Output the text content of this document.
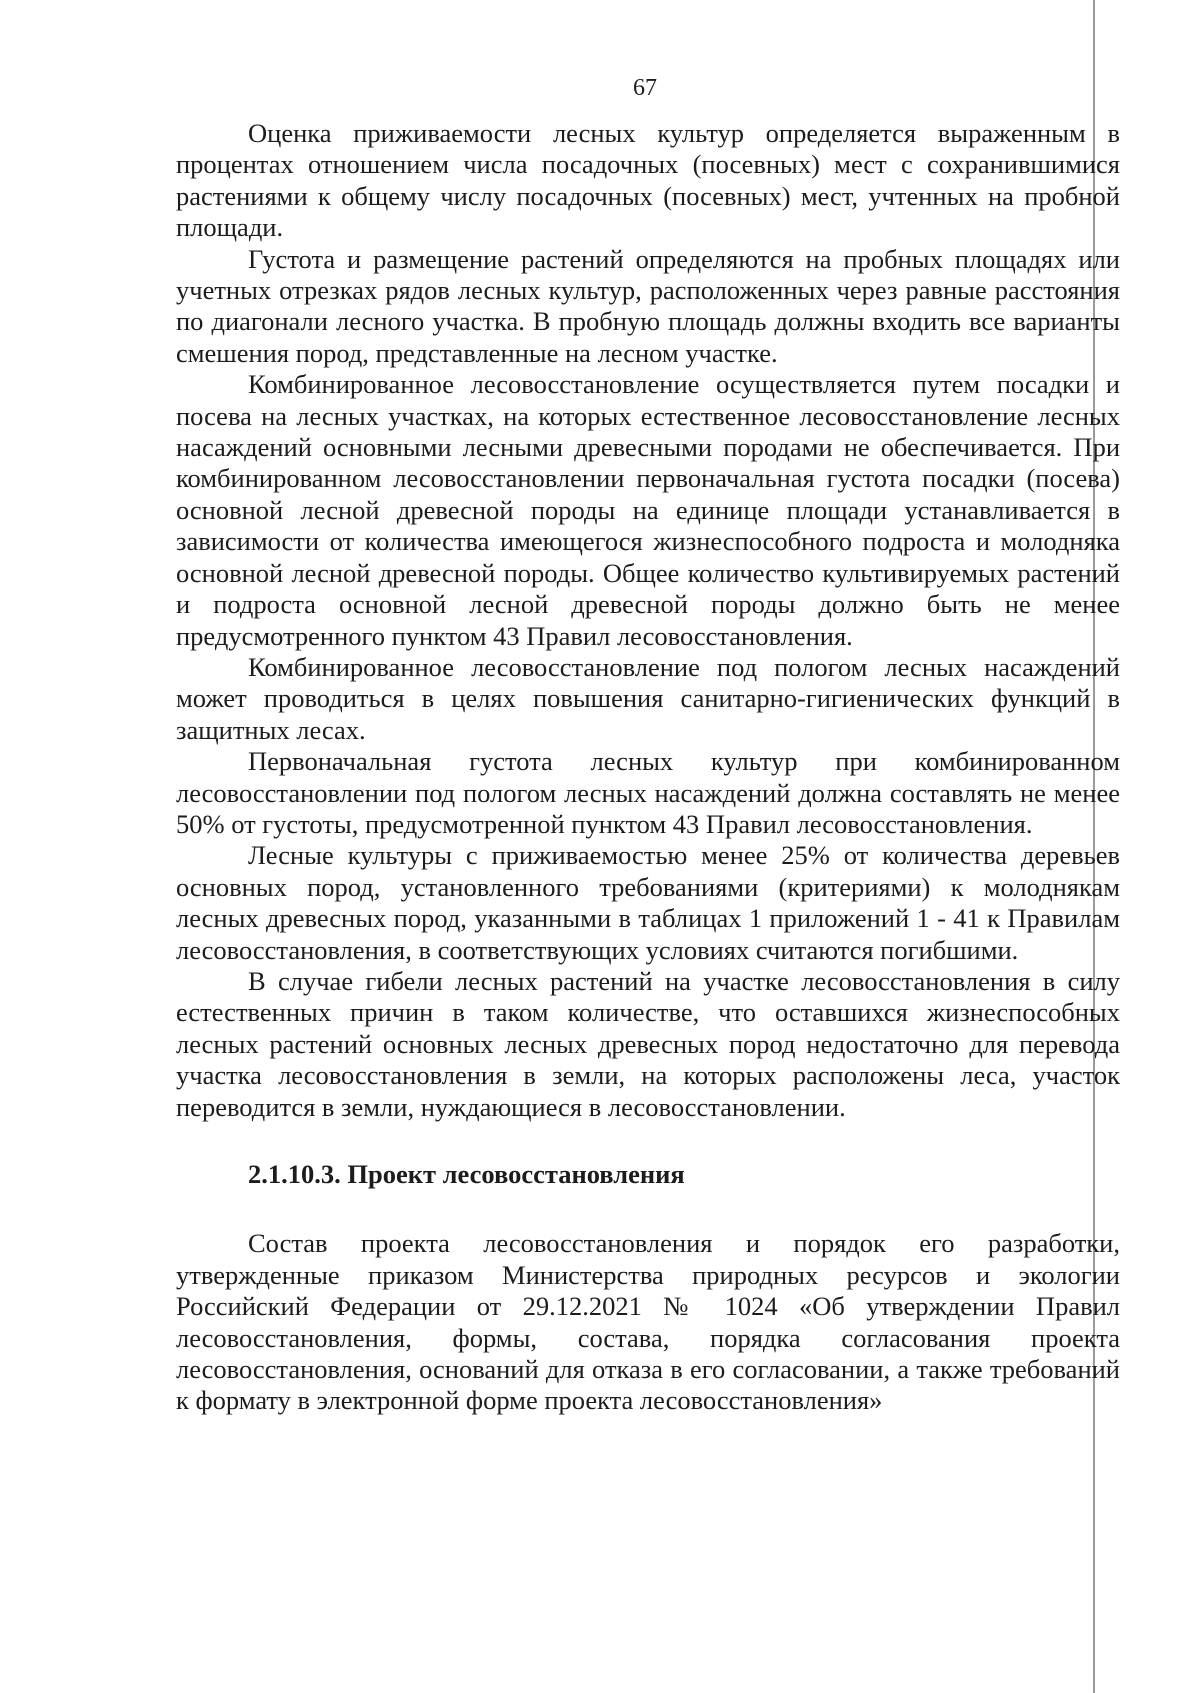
67

Оценка приживаемости лесных культур определяется выраженным в процентах отношением числа посадочных (посевных) мест с сохранившимися растениями к общему числу посадочных (посевных) мест, учтенных на пробной площади.

Густота и размещение растений определяются на пробных площадях или учетных отрезках рядов лесных культур, расположенных через равные расстояния по диагонали лесного участка. В пробную площадь должны входить все варианты смешения пород, представленные на лесном участке.

Комбинированное лесовосстановление осуществляется путем посадки и посева на лесных участках, на которых естественное лесовосстановление лесных насаждений основными лесными древесными породами не обеспечивается. При комбинированном лесовосстановлении первоначальная густота посадки (посева) основной лесной древесной породы на единице площади устанавливается в зависимости от количества имеющегося жизнеспособного подроста и молодняка основной лесной древесной породы. Общее количество культивируемых растений и подроста основной лесной древесной породы должно быть не менее предусмотренного пунктом 43 Правил лесовосстановления.

Комбинированное лесовосстановление под пологом лесных насаждений может проводиться в целях повышения санитарно-гигиенических функций в защитных лесах.

Первоначальная густота лесных культур при комбинированном лесовосстановлении под пологом лесных насаждений должна составлять не менее 50% от густоты, предусмотренной пунктом 43 Правил лесовосстановления.

Лесные культуры с приживаемостью менее 25% от количества деревьев основных пород, установленного требованиями (критериями) к молоднякам лесных древесных пород, указанными в таблицах 1 приложений 1 - 41 к Правилам лесовосстановления, в соответствующих условиях считаются погибшими.

В случае гибели лесных растений на участке лесовосстановления в силу естественных причин в таком количестве, что оставшихся жизнеспособных лесных растений основных лесных древесных пород недостаточно для перевода участка лесовосстановления в земли, на которых расположены леса, участок переводится в земли, нуждающиеся в лесовосстановлении.

2.1.10.3. Проект лесовосстановления

Состав проекта лесовосстановления и порядок его разработки, утвержденные приказом Министерства природных ресурсов и экологии Российский Федерации от 29.12.2021 № 1024 «Об утверждении Правил лесовосстановления, формы, состава, порядка согласования проекта лесовосстановления, оснований для отказа в его согласовании, а также требований к формату в электронной форме проекта лесовосстановления»
